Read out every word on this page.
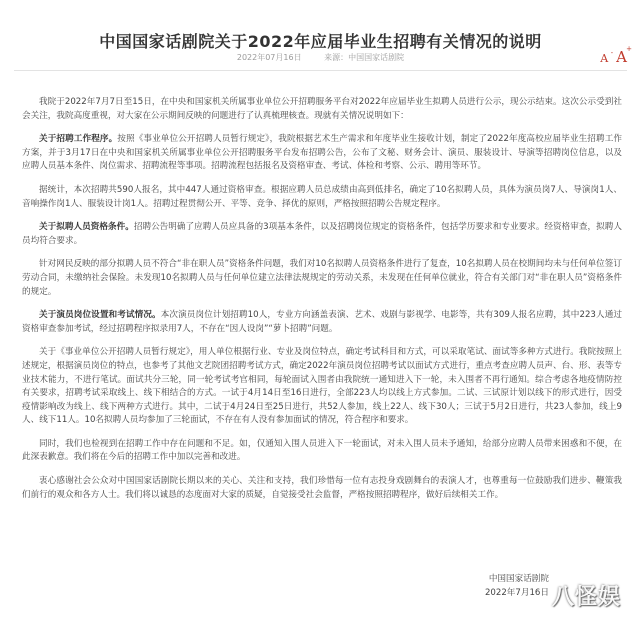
中国国家话剧院关于2022年应届毕业生招聘有关情况的说明
2022年07月16日	来源：中国国家话剧院	A - A +

我院于2022年7月7日至15日，在中央和国家机关所属事业单位公开招聘服务平台对2022年应届毕业生拟聘人员进行公示，现公示结束。这次公示受到社会关注，我院高度重视，对大家在公示期间反映的问题进行了认真梳理核查。现就有关情况说明如下：

关于招聘工作程序。按照《事业单位公开招聘人员暂行规定》，我院根据艺术生产需求和年度毕业生接收计划，制定了2022年度高校应届毕业生招聘工作方案，并于3月17日在中央和国家机关所属事业单位公开招聘服务平台发布招聘公告，公布了文秘、财务会计、演员、服装设计、导演等招聘岗位信息，以及应聘人员基本条件、岗位需求、招聘流程等事项。招聘流程包括报名及资格审查、考试、体检和考察、公示、聘用等环节。

据统计，本次招聘共590人报名，其中447人通过资格审查。根据应聘人员总成绩由高到低排名，确定了10名拟聘人员，具体为演员岗7人、导演岗1人、音响操作岗1人、服装设计岗1人。招聘过程贯彻公开、平等、竞争、择优的原则，严格按照招聘公告规定程序。

关于拟聘人员资格条件。招聘公告明确了应聘人员应具备的3项基本条件，以及招聘岗位规定的资格条件，包括学历要求和专业要求。经资格审查，拟聘人员均符合要求。

针对网民反映的部分拟聘人员不符合“非在职人员”资格条件问题，我们对10名拟聘人员资格条件进行了复查，10名拟聘人员在校期间均未与任何单位签订劳动合同，未缴纳社会保险。未发现10名拟聘人员与任何单位建立法律法规规定的劳动关系，未发现在任何单位就业，符合有关部门对“非在职人员”资格条件的规定。

关于演员岗位设置和考试情况。本次演员岗位计划招聘10人，专业方向涵盖表演、艺术、戏剧与影视学、电影等，共有309人报名应聘，其中223人通过资格审查参加考试，经过招聘程序拟录用7人，不存在“因人设岗”“萝卜招聘”问题。

关于《事业单位公开招聘人员暂行规定》，用人单位根据行业、专业及岗位特点，确定考试科目和方式，可以采取笔试、面试等多种方式进行。我院按照上述规定，根据演员岗位的特点，也参考了其他文艺院团招聘考试方式，确定2022年演员岗位招聘考试以面试方式进行，重点考查应聘人员声、台、形、表等专业技术能力，不进行笔试。面试共分三轮，同一轮考试考官相同，每轮面试入围者由我院统一通知进入下一轮，未入围者不再行通知。综合考虑各地疫情防控有关要求，招聘考试采取线上、线下相结合的方式。一试于4月14日至16日进行，全部223人均以线上方式参加。二试、三试原计划以线下的形式进行，因受疫情影响改为线上、线下两种方式进行。其中，二试于4月24日至25日进行，共52人参加，线上22人、线下30人；三试于5月2日进行，共23人参加，线上9人、线下11人。10名拟聘人员均参加了三轮面试，不存在有人没有参加面试的情况，符合程序和要求。

同时，我们也检视到在招聘工作中存在问题和不足。如，仅通知入围人员进入下一轮面试，对未入围人员未予通知，给部分应聘人员带来困惑和不便，在此深表歉意。我们将在今后的招聘工作中加以完善和改进。

衷心感谢社会公众对中国国家话剧院长期以来的关心、关注和支持，我们珍惜每一位有志投身戏剧舞台的表演人才，也尊重每一位鼓励我们进步、鞭策我们前行的观众和各方人士。我们将以诚恳的态度面对大家的质疑，自觉接受社会监督，严格按照招聘程序，做好后续相关工作。

中国国家话剧院
2022年7月16日 八怪娱
